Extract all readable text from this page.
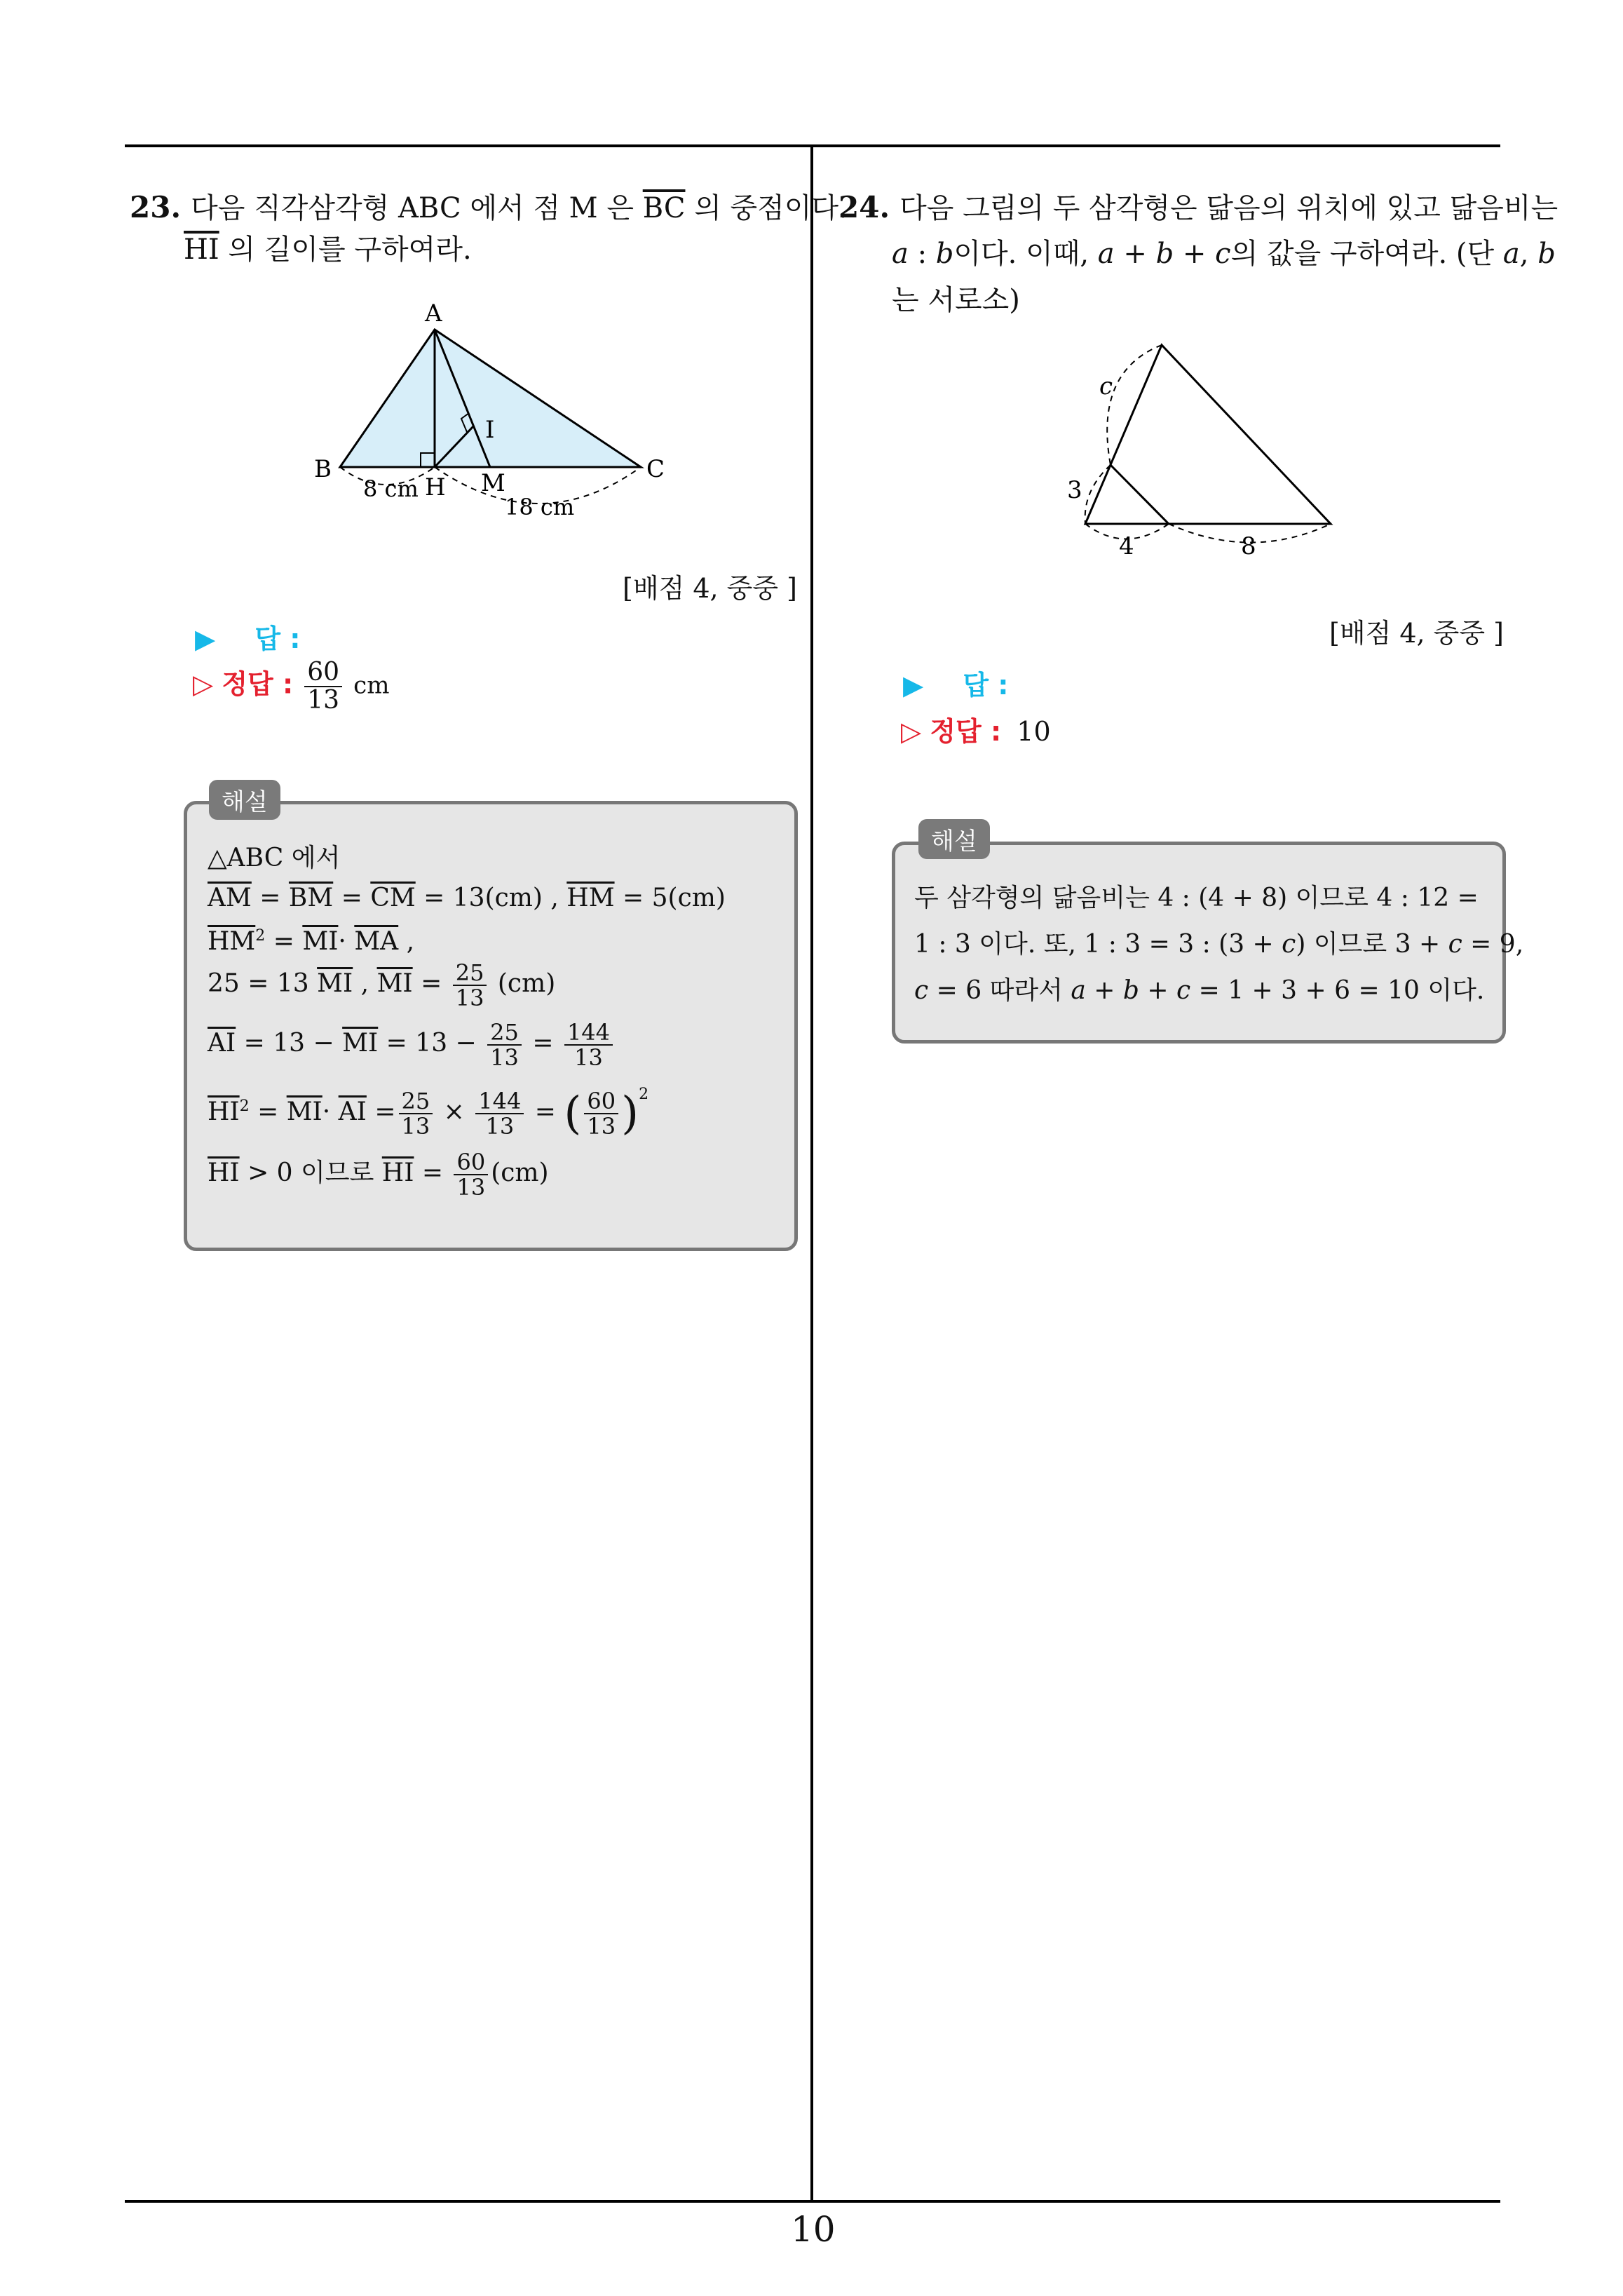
10
23. 다음 직각삼각형 ABC 에서 점 M 은 $\overline{BC}$ 의 중점이다.
$\overline{HI}$ 의 길이를 구하여라.
A
B	C
H
I
M
8 cm
18 cm
[배점 4, 중중 ]
▶ 답 :
▷ 정답 : $\frac{60}{13}$ cm
해설
△ABC 에서
$\overline{AM} = \overline{BM} = \overline{CM} = 13(cm)$ , $\overline{HM} = 5(cm)$
$\overline{HM}^2 = \overline{MI}\cdot \overline{MA}$ ,
25 = 13 $\overline{MI}$ , $\overline{MI} = \frac{25}{13} (cm)$
$\overline{AI} = 13 - \overline{MI} = 13 - \frac{25}{13} = \frac{144}{13}$
$\overline{HI}^2 = \overline{MI}\cdot \overline{AI} = \frac{25}{13} \times \frac{144}{13}$ = ( $\frac{60}{13} )^2$
$\overline{HI} > 0$ 이므로 $\overline{HI} = \frac{60}{13} (cm)$
24. 다음 그림의 두 삼각형은 닮음의 위치에 있고 닮음비는
a : b이다. 이때, a + b + c의 값을 구하여라. (단 a, b
는 서로소)
c
3
4	8
[배점 4, 중중 ]
▶ 답 :
▷ 정답 : 10
해설
두 삼각형의 닮음비는 4 : (4 + 8) 이므로 4 : 12 =
1 : 3 이다. 또, 1 : 3 = 3 : (3 + c) 이므로 3 + c = 9,
c = 6 따라서 a + b + c = 1 + 3 + 6 = 10 이다.
